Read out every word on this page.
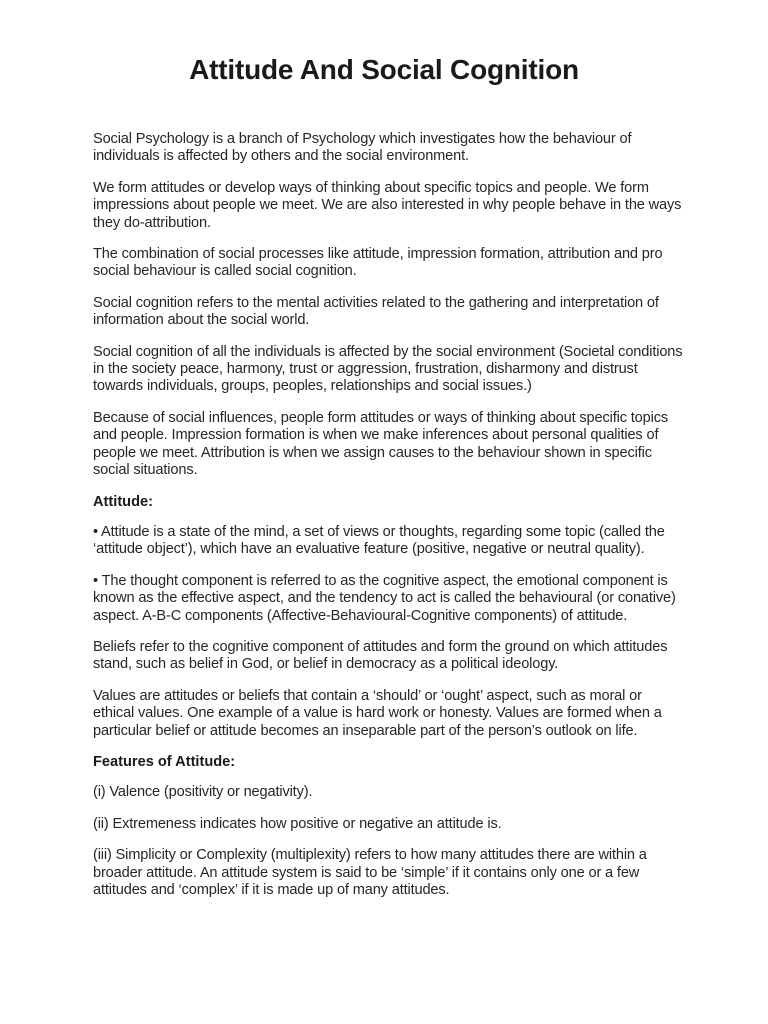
Attitude And Social Cognition

Social Psychology is a branch of Psychology which investigates how the behaviour of individuals is affected by others and the social environment.

We form attitudes or develop ways of thinking about specific topics and people. We form impressions about people we meet. We are also interested in why people behave in the ways they do-attribution.

The combination of social processes like attitude, impression formation, attribution and pro social behaviour is called social cognition.

Social cognition refers to the mental activities related to the gathering and interpretation of information about the social world.

Social cognition of all the individuals is affected by the social environment (Societal conditions in the society peace, harmony, trust or aggression, frustration, disharmony and distrust towards individuals, groups, peoples, relationships and social issues.)

Because of social influences, people form attitudes or ways of thinking about specific topics and people. Impression formation is when we make inferences about personal qualities of people we meet. Attribution is when we assign causes to the behaviour shown in specific social situations.

Attitude:

• Attitude is a state of the mind, a set of views or thoughts, regarding some topic (called the ‘attitude object’), which have an evaluative feature (positive, negative or neutral quality).

• The thought component is referred to as the cognitive aspect, the emotional component is known as the effective aspect, and the tendency to act is called the behavioural (or conative) aspect. A-B-C components (Affective-Behavioural-Cognitive components) of attitude.

Beliefs refer to the cognitive component of attitudes and form the ground on which attitudes stand, such as belief in God, or belief in democracy as a political ideology.

Values are attitudes or beliefs that contain a ‘should’ or ‘ought’ aspect, such as moral or ethical values. One example of a value is hard work or honesty. Values are formed when a particular belief or attitude becomes an inseparable part of the person’s outlook on life.

Features of Attitude:

(i) Valence (positivity or negativity).

(ii) Extremeness indicates how positive or negative an attitude is.

(iii) Simplicity or Complexity (multiplexity) refers to how many attitudes there are within a broader attitude. An attitude system is said to be ‘simple’ if it contains only one or a few attitudes and ‘complex’ if it is made up of many attitudes.
